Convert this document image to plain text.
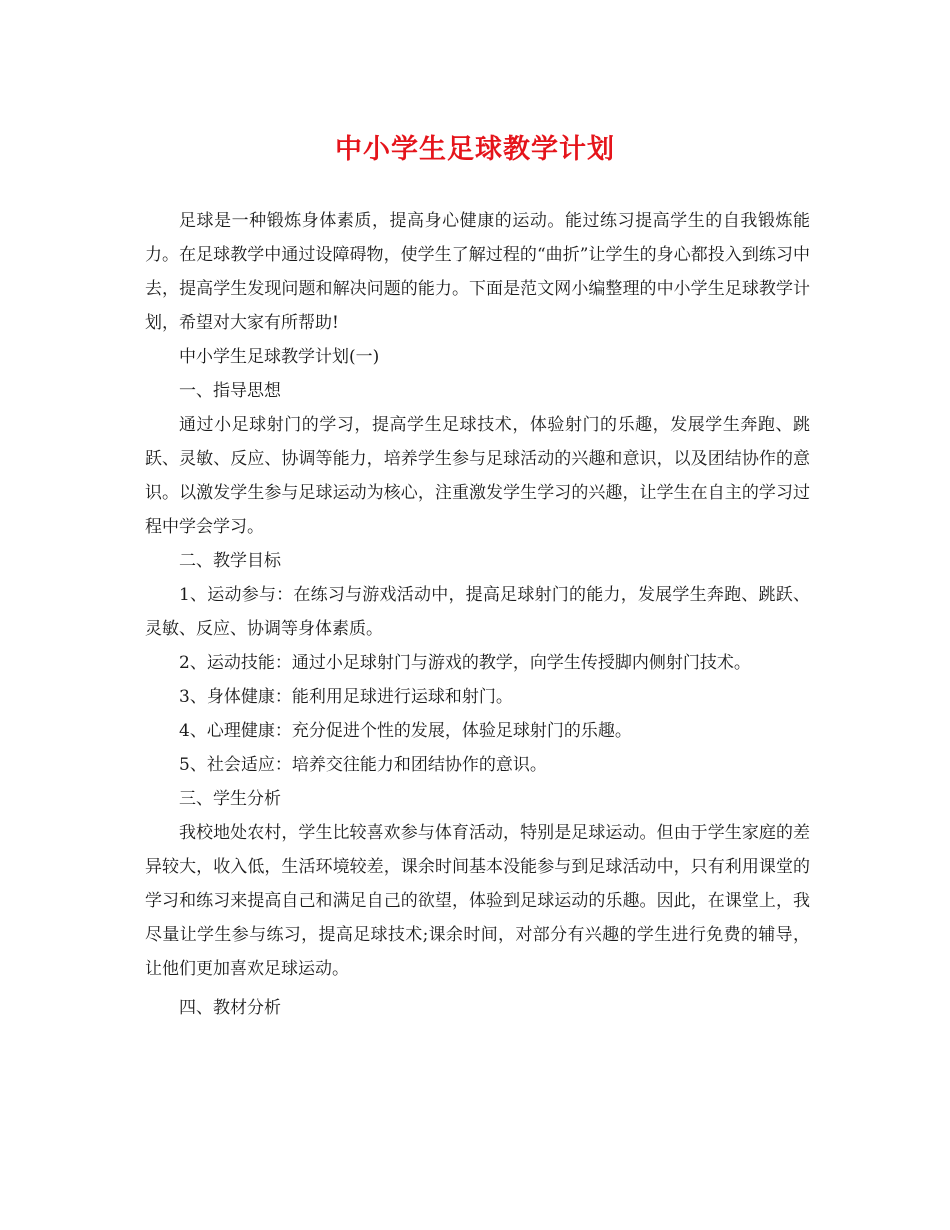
中小学生足球教学计划

足球是一种锻炼身体素质，提高身心健康的运动。能过练习提高学生的自我锻炼能力。在足球教学中通过设障碍物，使学生了解过程的“曲折”让学生的身心都投入到练习中去，提高学生发现问题和解决问题的能力。下面是范文网小编整理的中小学生足球教学计划，希望对大家有所帮助!

中小学生足球教学计划(一)

一、指导思想

通过小足球射门的学习，提高学生足球技术，体验射门的乐趣，发展学生奔跑、跳跃、灵敏、反应、协调等能力，培养学生参与足球活动的兴趣和意识，以及团结协作的意识。以激发学生参与足球运动为核心，注重激发学生学习的兴趣，让学生在自主的学习过程中学会学习。

二、教学目标

1、运动参与：在练习与游戏活动中，提高足球射门的能力，发展学生奔跑、跳跃、灵敏、反应、协调等身体素质。

2、运动技能：通过小足球射门与游戏的教学，向学生传授脚内侧射门技术。

3、身体健康：能利用足球进行运球和射门。

4、心理健康：充分促进个性的发展，体验足球射门的乐趣。

5、社会适应：培养交往能力和团结协作的意识。

三、学生分析

我校地处农村，学生比较喜欢参与体育活动，特别是足球运动。但由于学生家庭的差异较大，收入低，生活环境较差，课余时间基本没能参与到足球活动中，只有利用课堂的学习和练习来提高自己和满足自己的欲望，体验到足球运动的乐趣。因此，在课堂上，我尽量让学生参与练习，提高足球技术;课余时间，对部分有兴趣的学生进行免费的辅导，让他们更加喜欢足球运动。

四、教材分析
